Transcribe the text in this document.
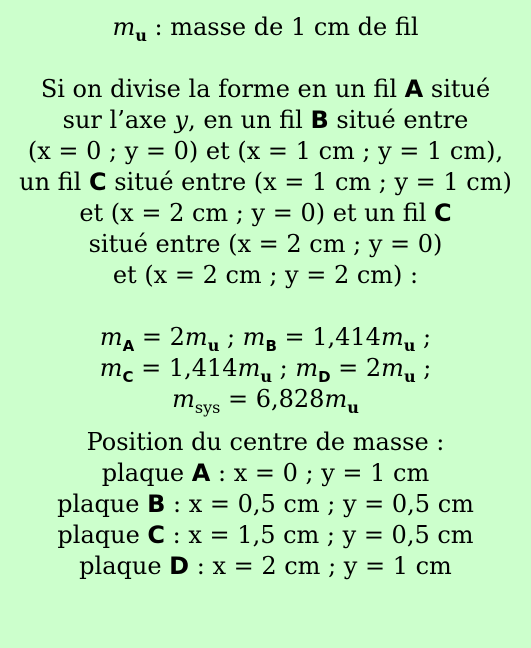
$m_u$ : masse de 1 cm de fil
Si on divise la forme en un fil A situé
sur l’axe y, en un fil B situé entre
(x = 0 ; y = 0) et (x = 1 cm ; y = 1 cm),
un fil C situé entre (x = 1 cm ; y = 1 cm)
et (x = 2 cm ; y = 0) et un fil C
situé entre (x = 2 cm ; y = 0)
et (x = 2 cm ; y = 2 cm) :
$m_A = 2m_u$ ; $m_B = 1,414m_u$ ;
$m_C = 1,414m_u$ ; $m_D = 2m_u$ ;
$m_{sys} = 6,828m_u$
Position du centre de masse :
plaque A : x = 0 ; y = 1 cm
plaque B : x = 0,5 cm ; y = 0,5 cm
plaque C : x = 1,5 cm ; y = 0,5 cm
plaque D : x = 2 cm ; y = 1 cm
